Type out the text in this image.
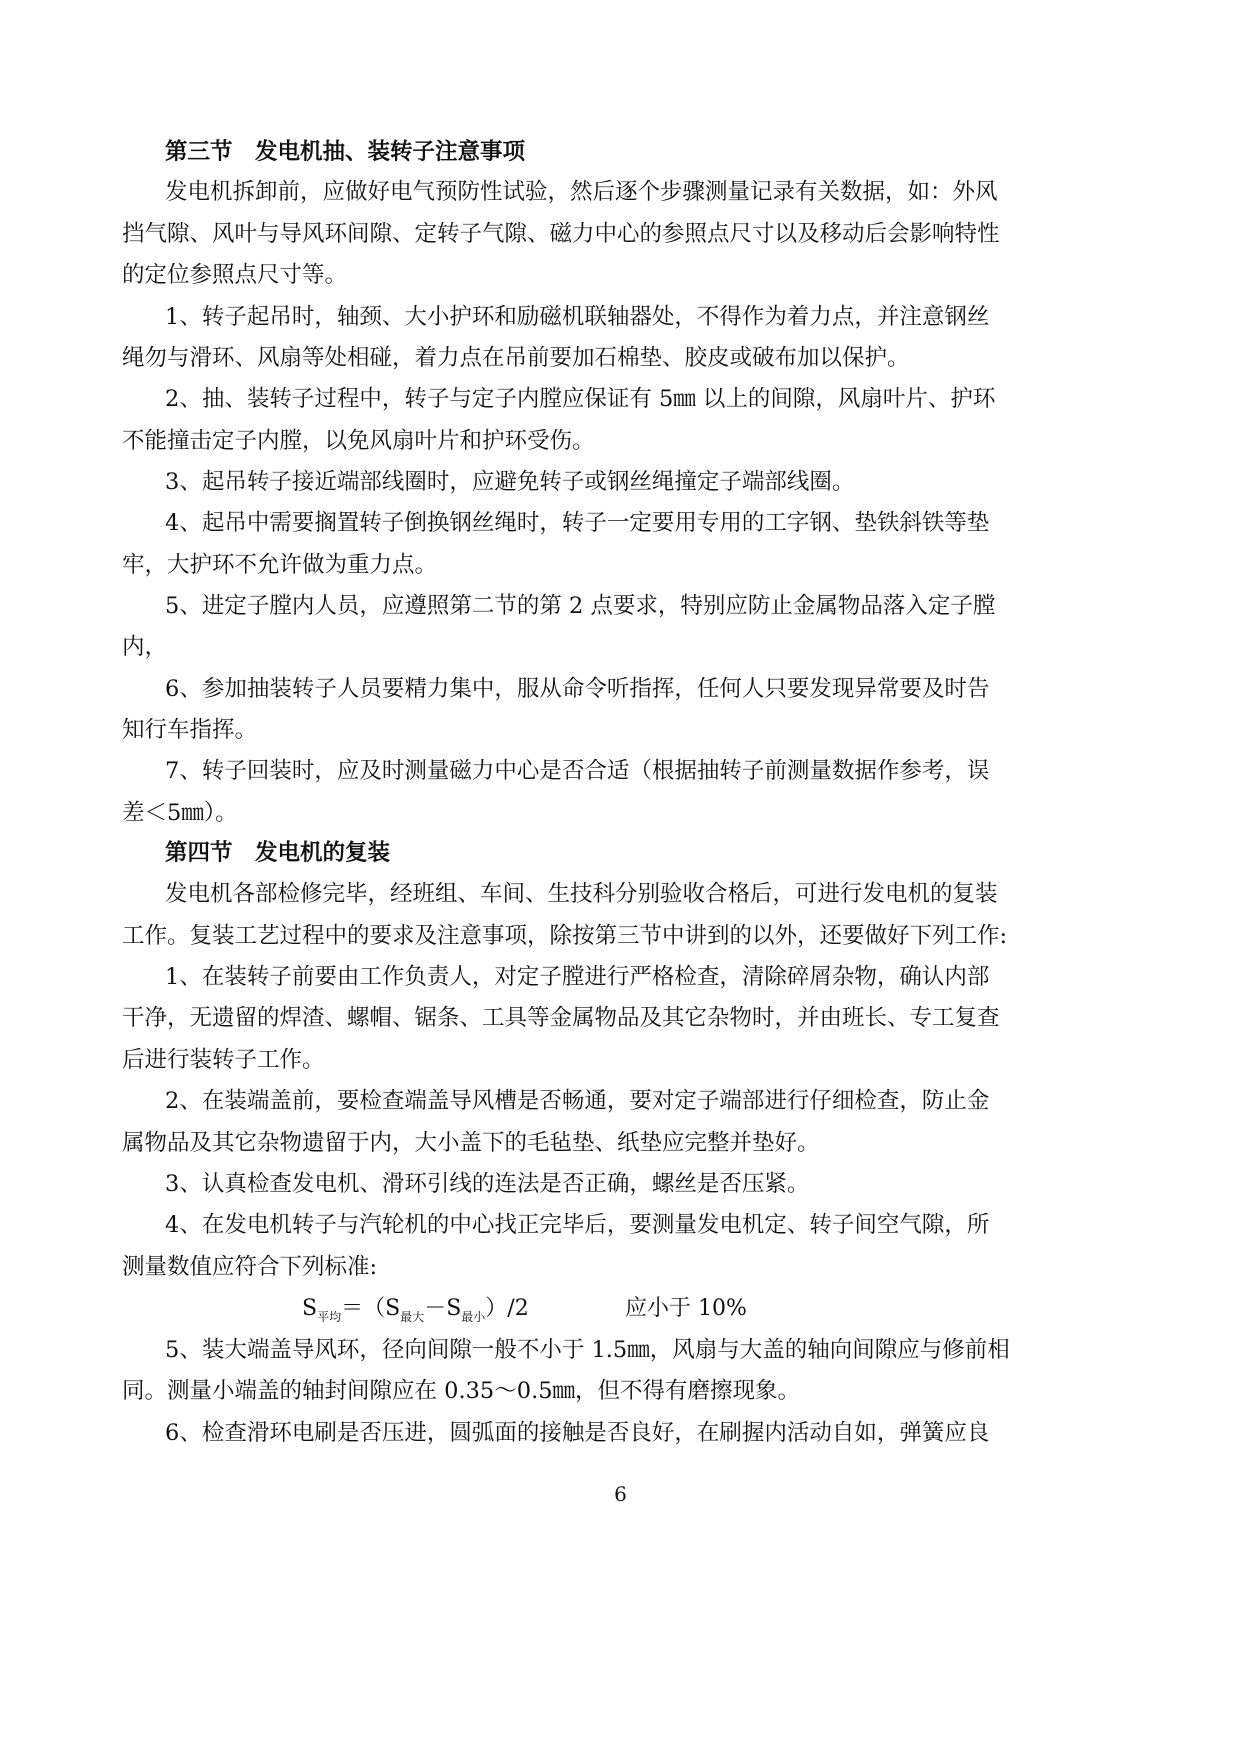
第三节　发电机抽、装转子注意事项
发电机拆卸前，应做好电气预防性试验，然后逐个步骤测量记录有关数据，如：外风
挡气隙、风叶与导风环间隙、定转子气隙、磁力中心的参照点尺寸以及移动后会影响特性
的定位参照点尺寸等。
1、转子起吊时，轴颈、大小护环和励磁机联轴器处，不得作为着力点，并注意钢丝
绳勿与滑环、风扇等处相碰，着力点在吊前要加石棉垫、胶皮或破布加以保护。
2、抽、装转子过程中，转子与定子内膛应保证有 5㎜ 以上的间隙，风扇叶片、护环
不能撞击定子内膛，以免风扇叶片和护环受伤。
3、起吊转子接近端部线圈时，应避免转子或钢丝绳撞定子端部线圈。
4、起吊中需要搁置转子倒换钢丝绳时，转子一定要用专用的工字钢、垫铁斜铁等垫
牢，大护环不允许做为重力点。
5、进定子膛内人员，应遵照第二节的第 2 点要求，特别应防止金属物品落入定子膛
内，
6、参加抽装转子人员要精力集中，服从命令听指挥，任何人只要发现异常要及时告
知行车指挥。
7、转子回装时，应及时测量磁力中心是否合适（根据抽转子前测量数据作参考，误
差＜5㎜）。
第四节　发电机的复装
发电机各部检修完毕，经班组、车间、生技科分别验收合格后，可进行发电机的复装
工作。复装工艺过程中的要求及注意事项，除按第三节中讲到的以外，还要做好下列工作:
1、在装转子前要由工作负责人，对定子膛进行严格检查，清除碎屑杂物，确认内部
干净，无遗留的焊渣、螺帽、锯条、工具等金属物品及其它杂物时，并由班长、专工复查
后进行装转子工作。
2、在装端盖前，要检查端盖导风槽是否畅通，要对定子端部进行仔细检查，防止金
属物品及其它杂物遗留于内，大小盖下的毛毡垫、纸垫应完整并垫好。
3、认真检查发电机、滑环引线的连法是否正确，螺丝是否压紧。
4、在发电机转子与汽轮机的中心找正完毕后，要测量发电机定、转子间空气隙，所
测量数值应符合下列标准:
$S_{平均}=(S_{最大}-S_{最小})/2$	应小于 10%
5、装大端盖导风环，径向间隙一般不小于 1.5㎜，风扇与大盖的轴向间隙应与修前相
同。测量小端盖的轴封间隙应在 0.35～0.5㎜，但不得有磨擦现象。
6、检查滑环电刷是否压进，圆弧面的接触是否良好，在刷握内活动自如，弹簧应良
6
